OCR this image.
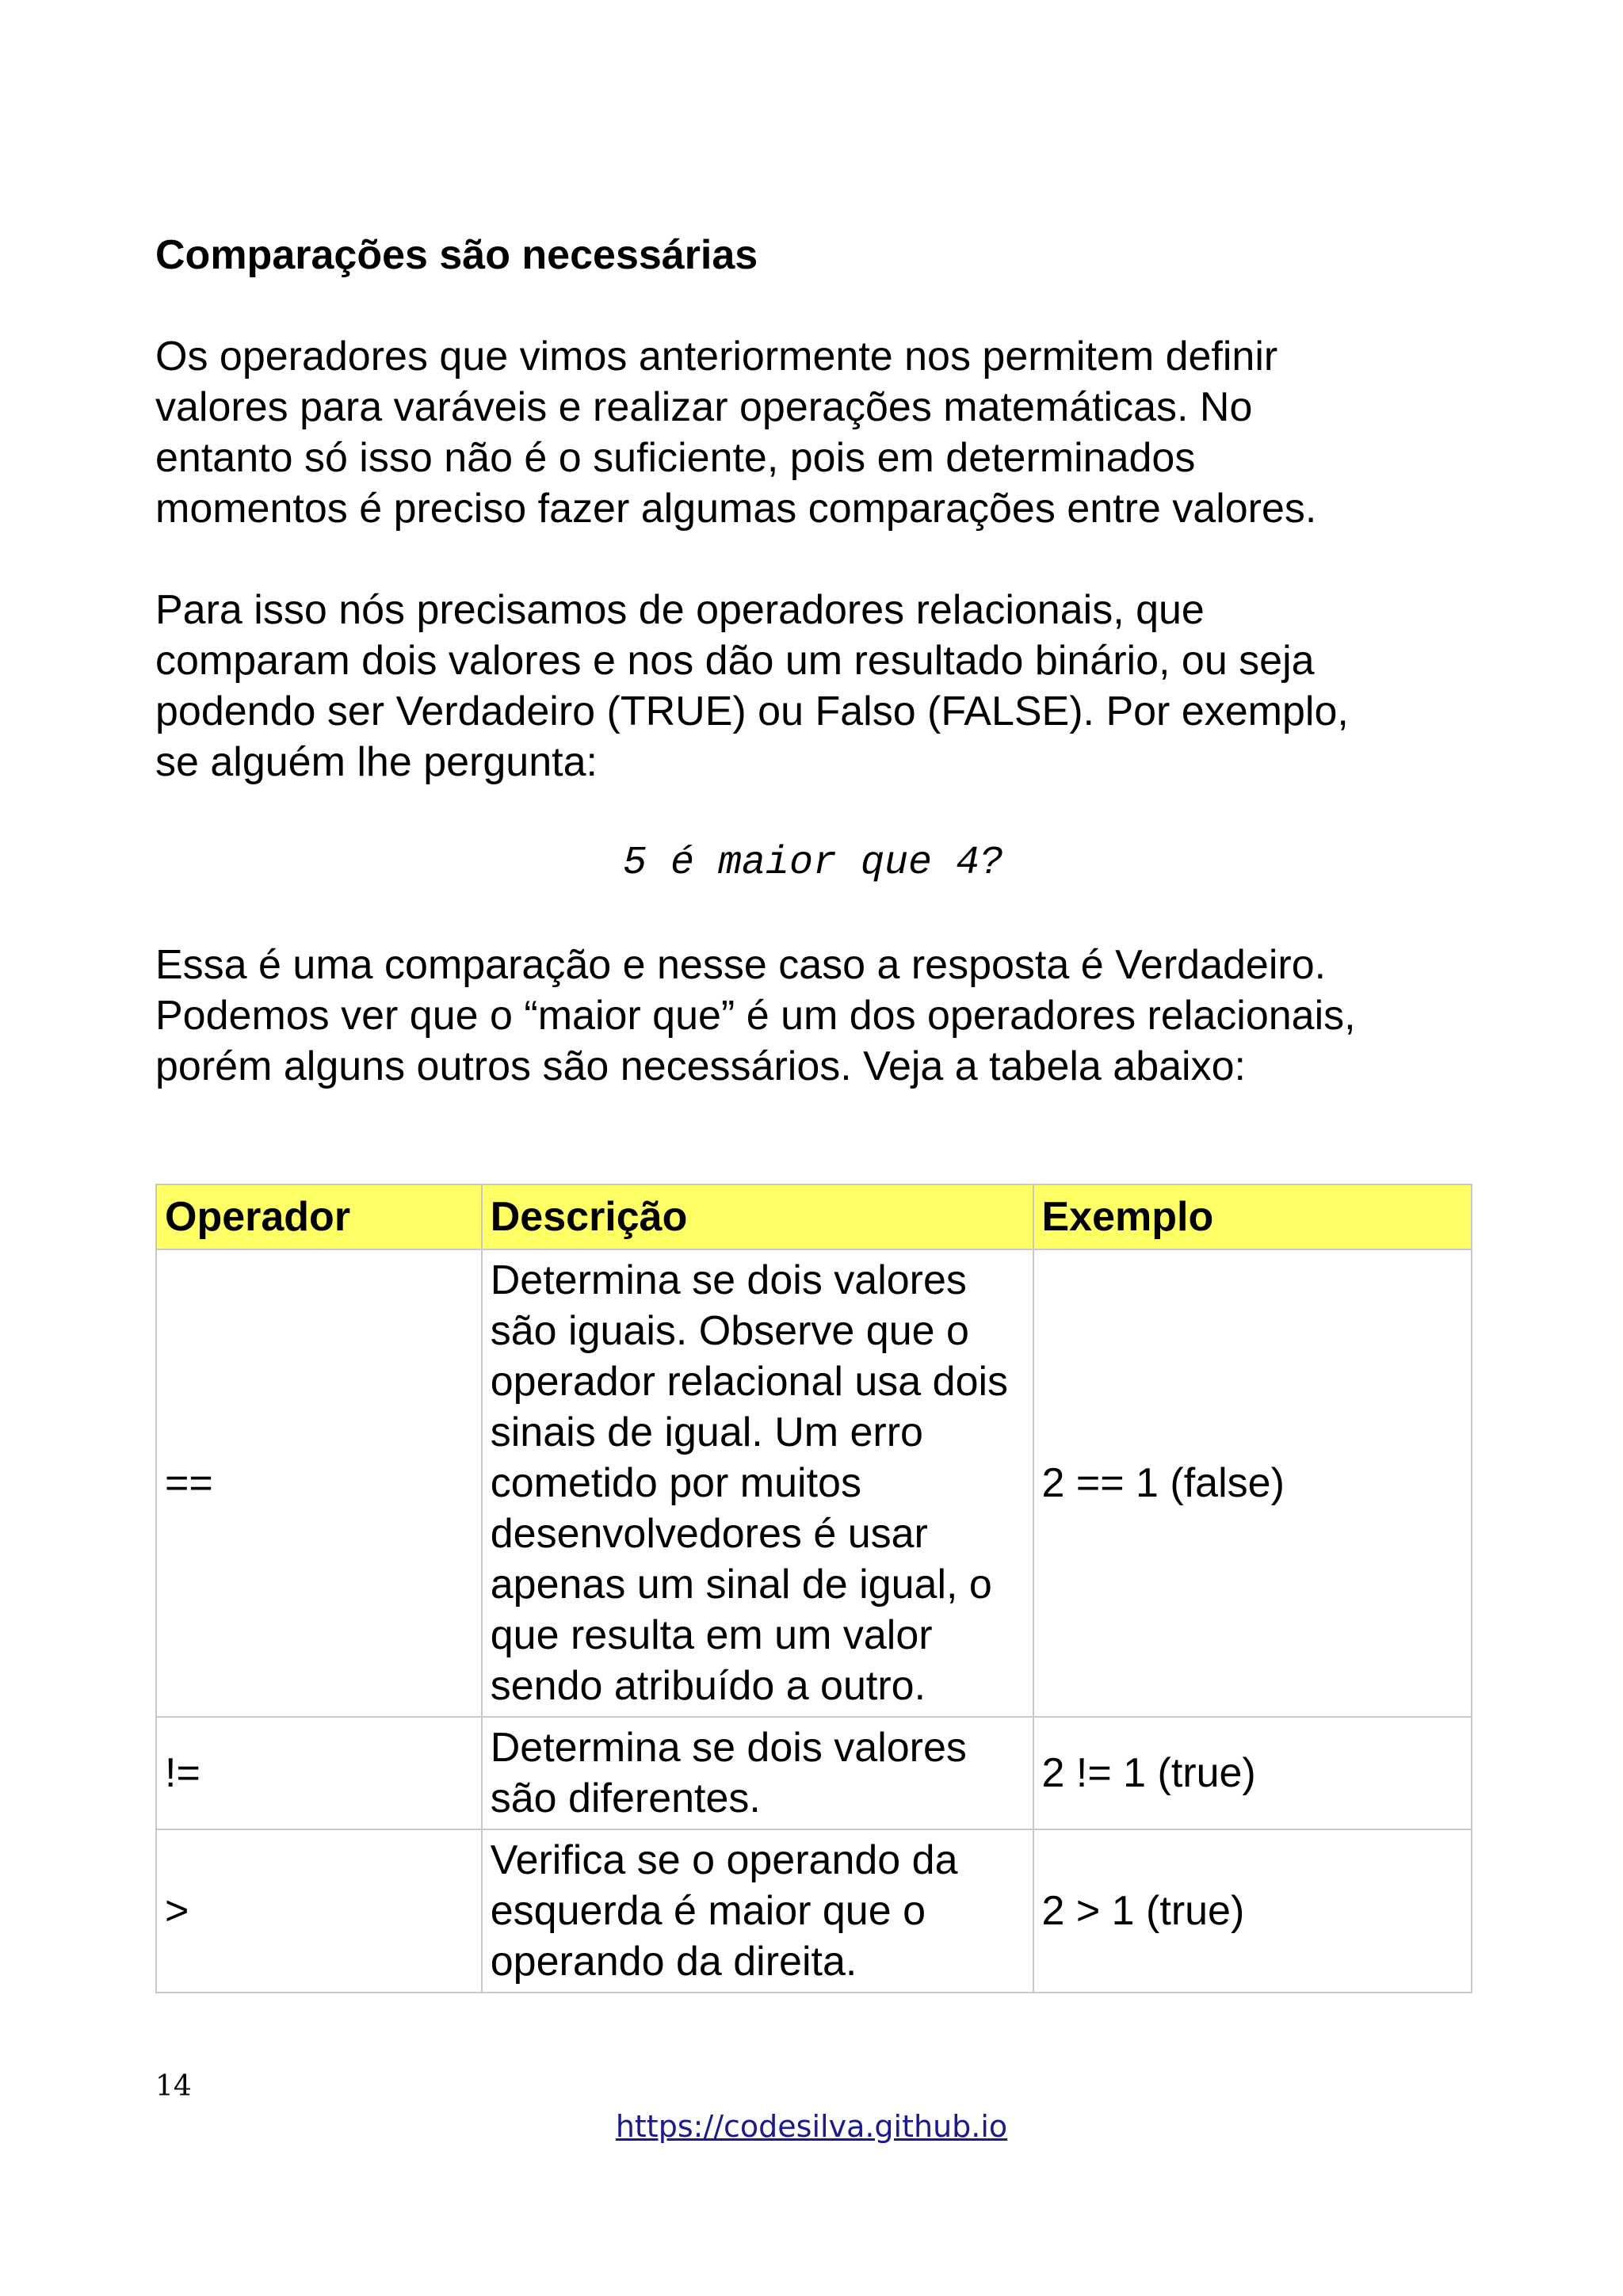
Comparações são necessárias

Os operadores que vimos anteriormente nos permitem definir
valores para varáveis e realizar operações matemáticas. No
entanto só isso não é o suficiente, pois em determinados
momentos é preciso fazer algumas comparações entre valores.

Para isso nós precisamos de operadores relacionais, que
comparam dois valores e nos dão um resultado binário, ou seja
podendo ser Verdadeiro (TRUE) ou Falso (FALSE). Por exemplo,
se alguém lhe pergunta:

5 é maior que 4?

Essa é uma comparação e nesse caso a resposta é Verdadeiro.
Podemos ver que o “maior que” é um dos operadores relacionais,
porém alguns outros são necessários. Veja a tabela abaixo:

Operador	Descrição	Exemplo
==	Determina se dois valores são iguais. Observe que o operador relacional usa dois sinais de igual. Um erro cometido por muitos desenvolvedores é usar apenas um sinal de igual, o que resulta em um valor sendo atribuído a outro.	2 == 1 (false)
!=	Determina se dois valores são diferentes.	2 != 1 (true)
>	Verifica se o operando da esquerda é maior que o operando da direita.	2 > 1 (true)
14
https://codesilva.github.io
